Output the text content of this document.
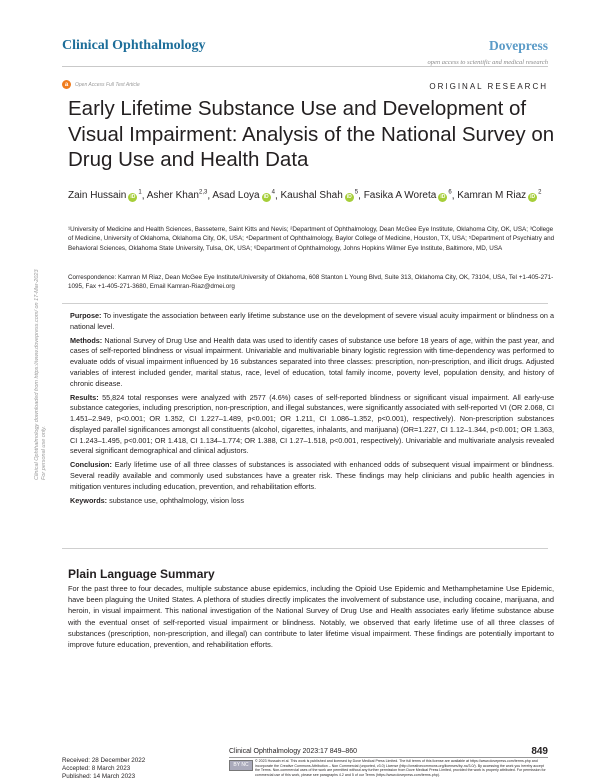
Clinical Ophthalmology	Dovepress
open access to scientific and medical research
a	Open Access Full Text Article	ORIGINAL RESEARCH
Early Lifetime Substance Use and Development of Visual Impairment: Analysis of the National Survey on Drug Use and Health Data
Zain Hussain $iD^1$, Asher Khan$^{2,3}$, Asad Loya $iD^4$, Kaushal Shah $iD^5$, Fasika A Woreta $iD^6$, Kamran M Riaz $iD^2$
¹University of Medicine and Health Sciences, Basseterre, Saint Kitts and Nevis; ²Department of Ophthalmology, Dean McGee Eye Institute, Oklahoma City, OK, USA; ³College of Medicine, University of Oklahoma, Oklahoma City, OK, USA; ⁴Department of Ophthalmology, Baylor College of Medicine, Houston, TX, USA; ⁵Department of Psychiatry and Behavioral Sciences, Oklahoma State University, Tulsa, OK, USA; ⁶Department of Ophthalmology, Johns Hopkins Wilmer Eye Institute, Baltimore, MD, USA
Correspondence: Kamran M Riaz, Dean McGee Eye Institute/University of Oklahoma, 608 Stanton L Young Blvd, Suite 313, Oklahoma City, OK, 73104, USA, Tel +1-405-271-1095, Fax +1-405-271-3680, Email Kamran-Riaz@dmei.org

Purpose: To investigate the association between early lifetime substance use on the development of severe visual acuity impairment or blindness on a national level.

Methods: National Survey of Drug Use and Health data was used to identify cases of substance use before 18 years of age, within the past year, and cases of self-reported blindness or visual impairment. Univariable and multivariable binary logistic regression with time-dependency was performed to evaluate odds of visual impairment influenced by 16 substances separated into three classes: prescription, non-prescription, and illicit drugs. Adjusted variables of interest included gender, marital status, race, level of education, total family income, poverty level, population density, and history of chronic disease.

Results: 55,824 total responses were analyzed with 2577 (4.6%) cases of self-reported blindness or significant visual impairment. All early-use substance categories, including prescription, non-prescription, and illegal substances, were significantly associated with self-reported VI (OR 2.068, CI 1.451–2.949, p<0.001; OR 1.352, CI 1.227–1.489, p<0.001; OR 1.211, CI 1.086–1.352, p<0.001), respectively). Non-prescription substances displayed parallel significances amongst all constituents (alcohol, cigarettes, inhalants, and marijuana) (OR=1.227, CI 1.12–1.344, p<0.001; OR 1.363, CI 1.243–1.495, p<0.001; OR 1.418, CI 1.134–1.774; OR 1.388, CI 1.27–1.518, p<0.001, respectively). Univariable and multivariate analysis revealed several significant demographical and clinical adjustors.

Conclusion: Early lifetime use of all three classes of substances is associated with enhanced odds of subsequent visual impairment or blindness. Several readily available and commonly used substances have a greater risk. These findings may help clinicians and public health agencies in mitigation ventures including education, prevention, and rehabilitation efforts.

Keywords: substance use, ophthalmology, vision loss

Plain Language Summary
For the past three to four decades, multiple substance abuse epidemics, including the Opioid Use Epidemic and Methamphetamine Use Epidemic, have been plaguing the United States. A plethora of studies directly implicates the involvement of substance use, including cocaine, marijuana, and heroin, in visual impairment. This national investigation of the National Survey of Drug Use and Health associates early lifetime substance abuse with the eventual onset of self-reported visual impairment or blindness. Notably, we observed that early lifetime use of all three classes of substances (prescription, non-prescription, and illegal) can contribute to later lifetime visual impairment. These findings are potentially important to improve future education, prevention, and rehabilitation efforts.
Received: 28 December 2022
Accepted: 8 March 2023
Published: 14 March 2023
Clinical Ophthalmology 2023:17 849–860	849
BY NC
© 2023 Hussain et al. This work is published and licensed by Dove Medical Press Limited. The full terms of this license are available at https://www.dovepress.com/terms.php and incorporate the Creative Commons Attribution – Non Commercial (unported, v3.0) License (http://creativecommons.org/licenses/by-nc/3.0/). By accessing the work you hereby accept the Terms. Non-commercial uses of the work are permitted without any further permission from Dove Medical Press Limited, provided the work is properly attributed. For permission for commercial use of this work, please see paragraphs 4.2 and 5 of our Terms (https://www.dovepress.com/terms.php).
Clinical Ophthalmology downloaded from https://www.dovepress.com/ on 17-Mar-2023 For personal use only.
